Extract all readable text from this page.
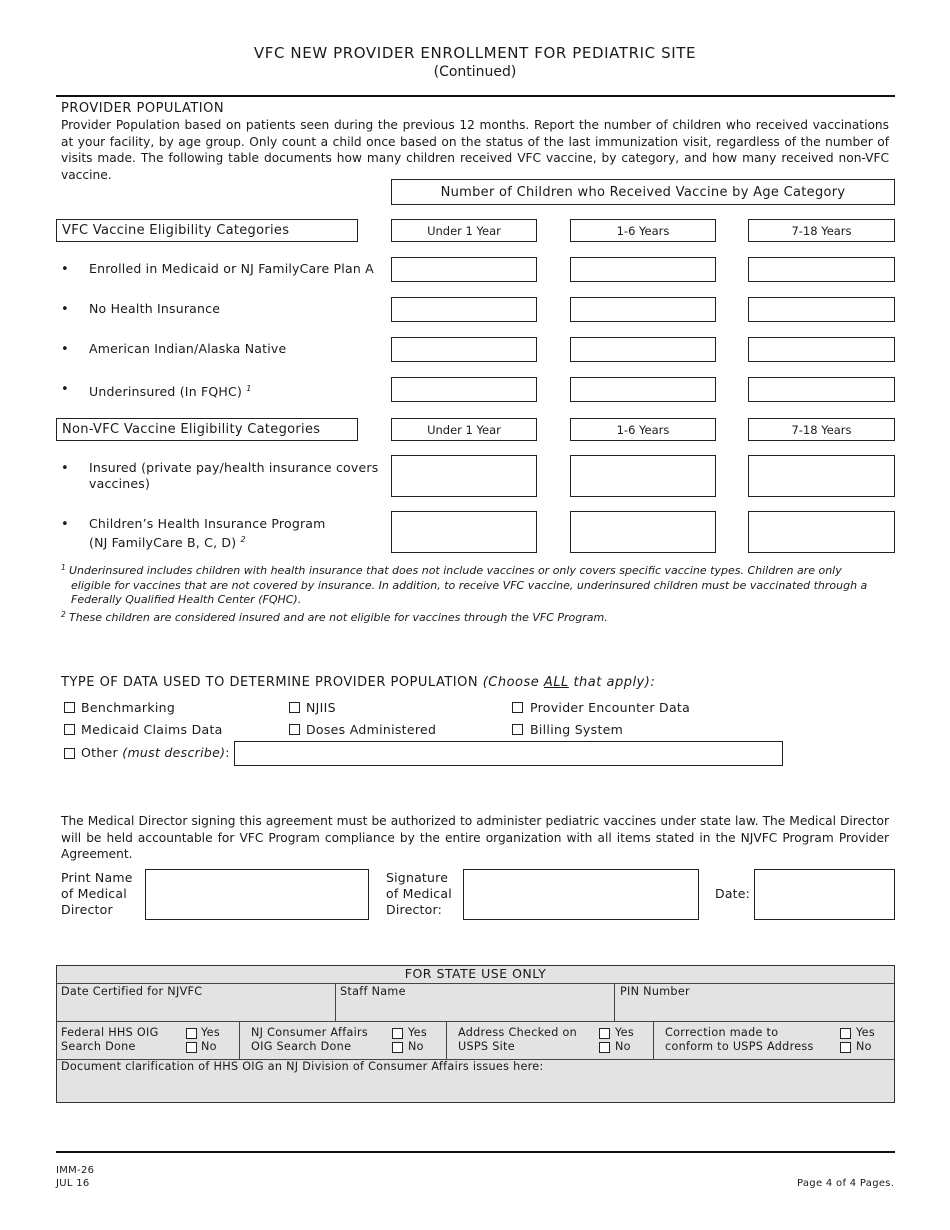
VFC NEW PROVIDER ENROLLMENT FOR PEDIATRIC SITE
(Continued)
PROVIDER POPULATION
Provider Population based on patients seen during the previous 12 months. Report the number of children who received vaccinations at your facility, by age group. Only count a child once based on the status of the last immunization visit, regardless of the number of visits made. The following table documents how many children received VFC vaccine, by category, and how many received non-VFC vaccine.
Number of Children who Received Vaccine by Age Category
VFC Vaccine Eligibility Categories	Under 1 Year	1-6 Years	7-18 Years
• Enrolled in Medicaid or NJ FamilyCare Plan A
• No Health Insurance
• American Indian/Alaska Native
• Underinsured (In FQHC) $^1$
Non-VFC Vaccine Eligibility Categories	Under 1 Year	1-6 Years	7-18 Years
• Insured (private pay/health insurance covers
vaccines)
• Children’s Health Insurance Program
(NJ FamilyCare B, C, D) $^2$
1 Underinsured includes children with health insurance that does not include vaccines or only covers specific vaccine types. Children are only eligible for vaccines that are not covered by insurance. In addition, to receive VFC vaccine, underinsured children must be vaccinated through a Federally Qualified Health Center (FQHC).
2 These children are considered insured and are not eligible for vaccines through the VFC Program.
TYPE OF DATA USED TO DETERMINE PROVIDER POPULATION (Choose ALL that apply):
Benchmarking	NJIIS	Provider Encounter Data
Medicaid Claims Data	Doses Administered	Billing System
Other (must describe):
The Medical Director signing this agreement must be authorized to administer pediatric vaccines under state law. The Medical Director will be held accountable for VFC Program compliance by the entire organization with all items stated in the NJVFC Program Provider Agreement.
Print Name
of Medical
Director
Signature
of Medical
Director:
Date:
FOR STATE USE ONLY
Date Certified for NJVFC	Staff Name	PIN Number
Federal HHS OIG
Search Done
Yes
No
NJ Consumer Affairs
OIG Search Done
Yes
No
Address Checked on
USPS Site
Yes
No
Correction made to
conform to USPS Address
Yes
No
Document clarification of HHS OIG an NJ Division of Consumer Affairs issues here:
IMM-26
JUL 16	Page 4 of 4 Pages.
